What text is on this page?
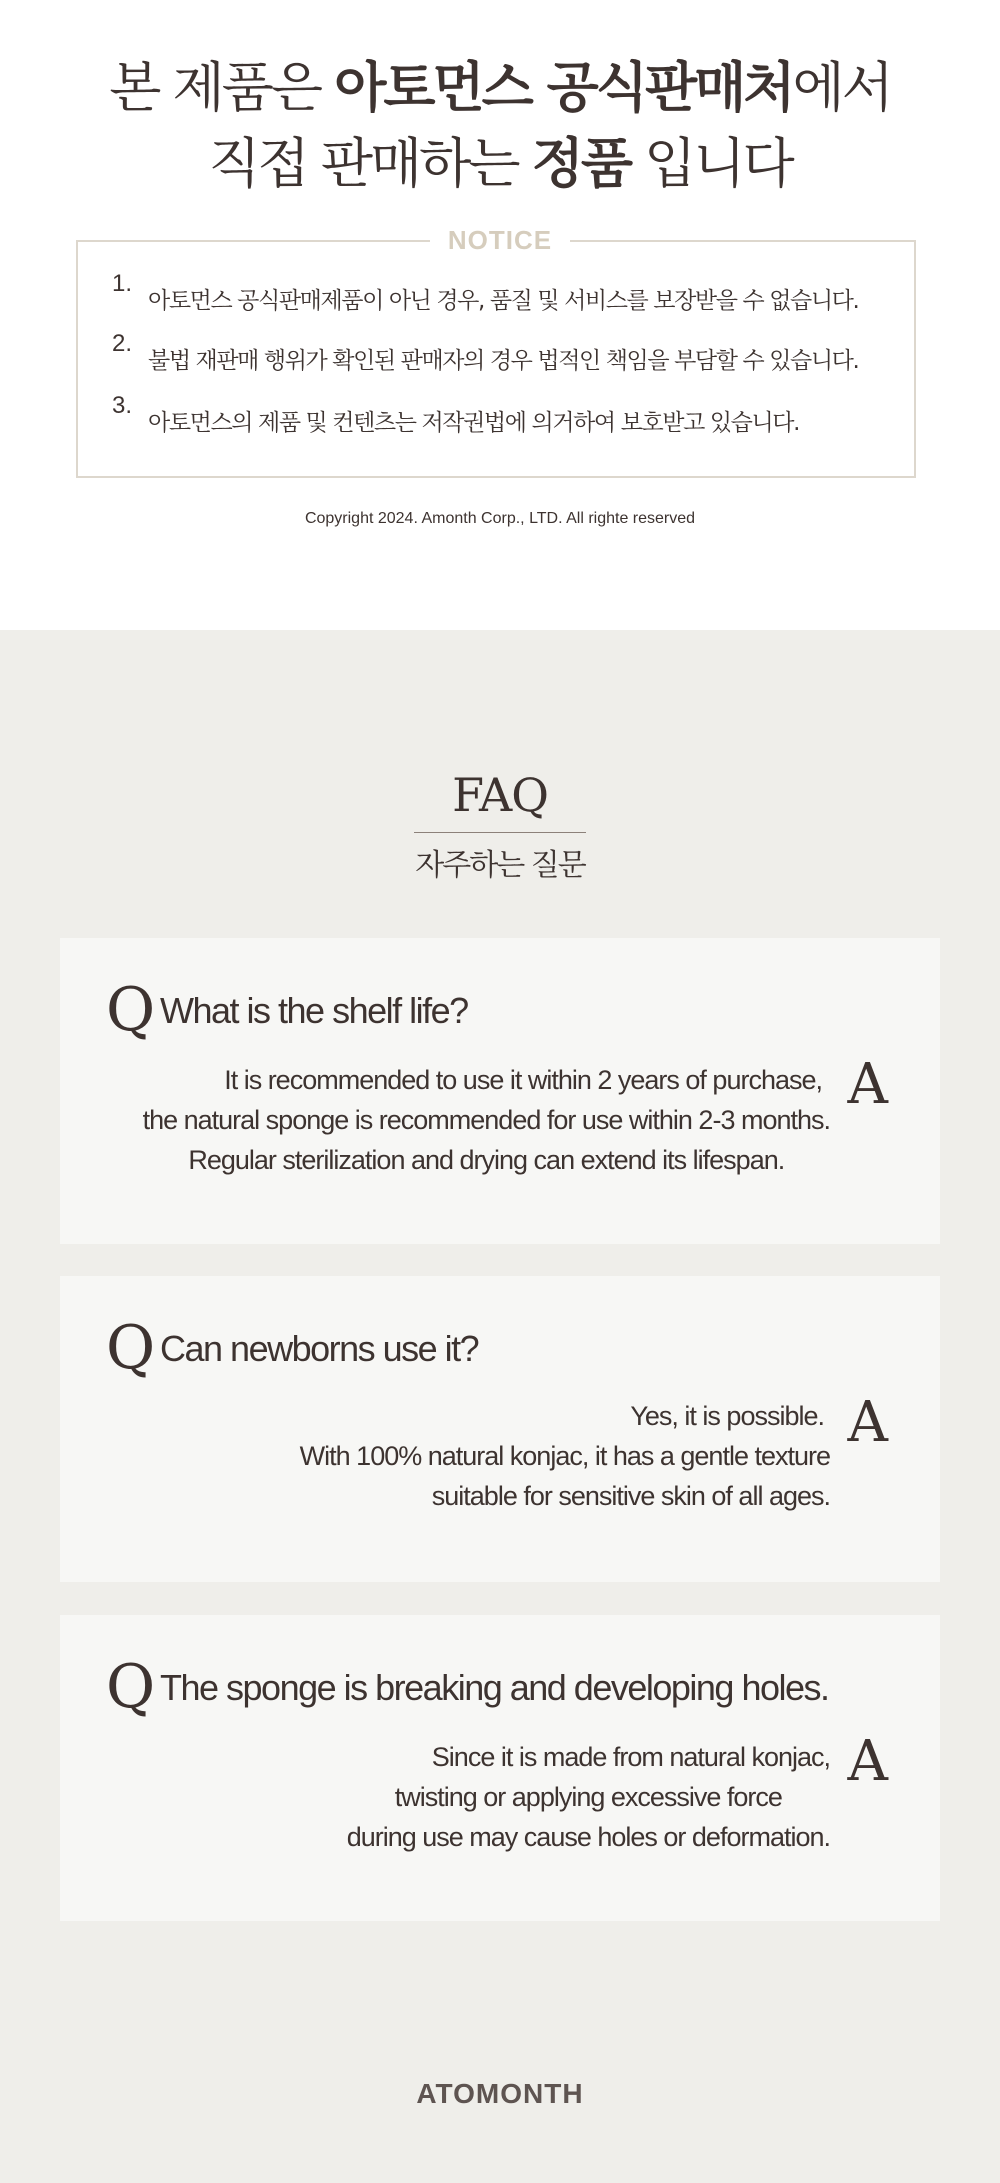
본 제품은 아토먼스 공식판매처에서
직접 판매하는 정품 입니다
NOTICE
1.
아토먼스 공식판매제품이 아닌 경우, 품질 및 서비스를 보장받을 수 없습니다.
2.
불법 재판매 행위가 확인된 판매자의 경우 법적인 책임을 부담할 수 있습니다.
3.
아토먼스의 제품 및 컨텐츠는 저작권법에 의거하여 보호받고 있습니다.
Copyright 2024. Amonth Corp., LTD. All righte reserved
FAQ
자주하는 질문
Q What is the shelf life?
A
It is recommended to use it within 2 years of purchase,
the natural sponge is recommended for use within 2-3 months.
Regular sterilization and drying can extend its lifespan.
Q Can newborns use it?
A
Yes, it is possible.
With 100% natural konjac, it has a gentle texture
suitable for sensitive skin of all ages.
Q The sponge is breaking and developing holes.
A
Since it is made from natural konjac,
twisting or applying excessive force
during use may cause holes or deformation.
ATOMONTH
